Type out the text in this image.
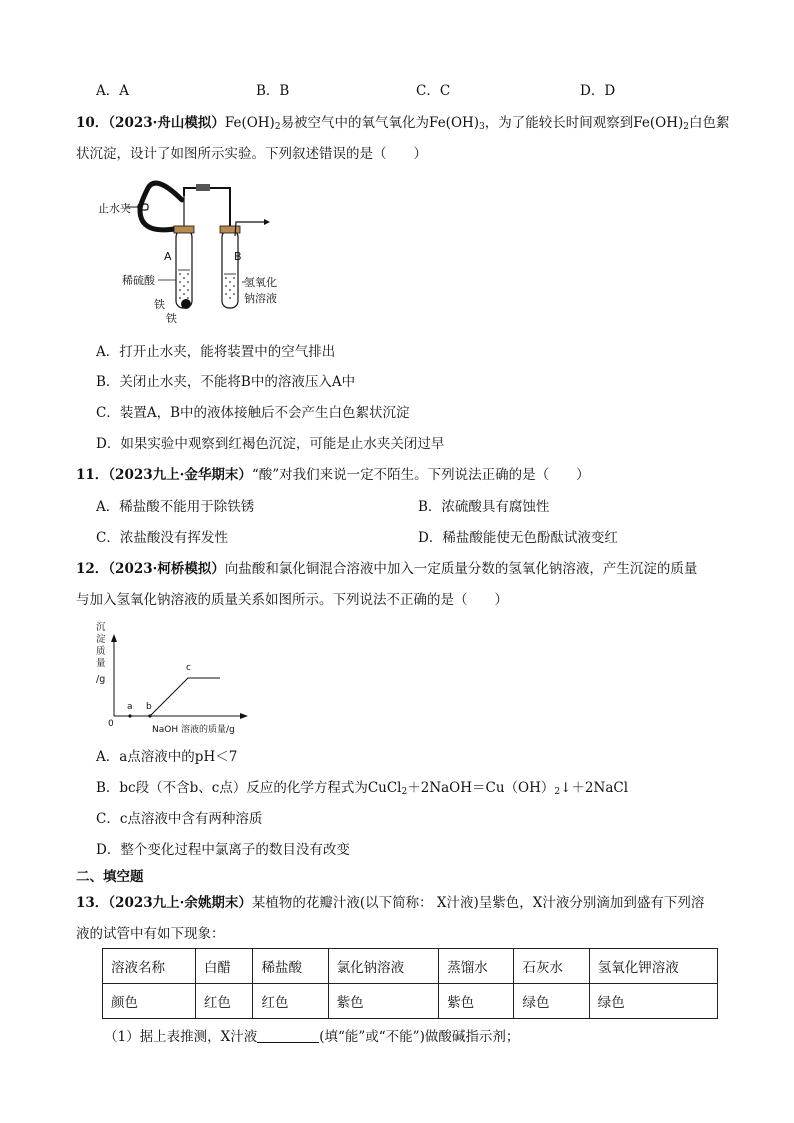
A．A	B．B	C．C	D．D
10．（2023·舟山模拟）$Fe(OH)_2$易被空气中的氧气氧化为$Fe(OH)_3$，为了能较长时间观察到$Fe(OH)_2$白色絮
状沉淀，设计了如图所示实验。下列叙述错误的是（　　）
止水夹
A	B
稀硫酸
铁
铁
氢氧化
钠溶液
A．打开止水夹，能将装置中的空气排出
B．关闭止水夹，不能将B中的溶液压入A中
C．装置A，B中的液体接触后不会产生白色絮状沉淀
D．如果实验中观察到红褐色沉淀，可能是止水夹关闭过早
11．（2023九上·金华期末）“酸”对我们来说一定不陌生。下列说法正确的是（　　）
A．稀盐酸不能用于除铁锈	B．浓硫酸具有腐蚀性
C．浓盐酸没有挥发性	D．稀盐酸能使无色酚酞试液变红
12．（2023·柯桥模拟）向盐酸和氯化铜混合溶液中加入一定质量分数的氢氧化钠溶液，产生沉淀的质量
与加入氢氧化钠溶液的质量关系如图所示。下列说法不正确的是（　　）
沉
淀
质
量
/g
0
a b
c
NaOH 溶液的质量/g
A．a点溶液中的pH＜7
B．bc段（不含b、c点）反应的化学方程式为$CuCl_2+2NaOH=Cu(OH)_2↓+2NaCl$
C．c点溶液中含有两种溶质
D．整个变化过程中氯离子的数目没有改变
二、填空题
13．（2023九上·余姚期末）某植物的花瓣汁液(以下简称： X汁液)呈紫色，X汁液分别滴加到盛有下列溶
液的试管中有如下现象：
溶液名称	白醋	稀盐酸	氯化钠溶液	蒸馏水	石灰水	氢氧化钾溶液
颜色	红色	红色	紫色	紫色	绿色	绿色
（1）据上表推测，X汁液	(填“能”或“不能”)做酸碱指示剂；
